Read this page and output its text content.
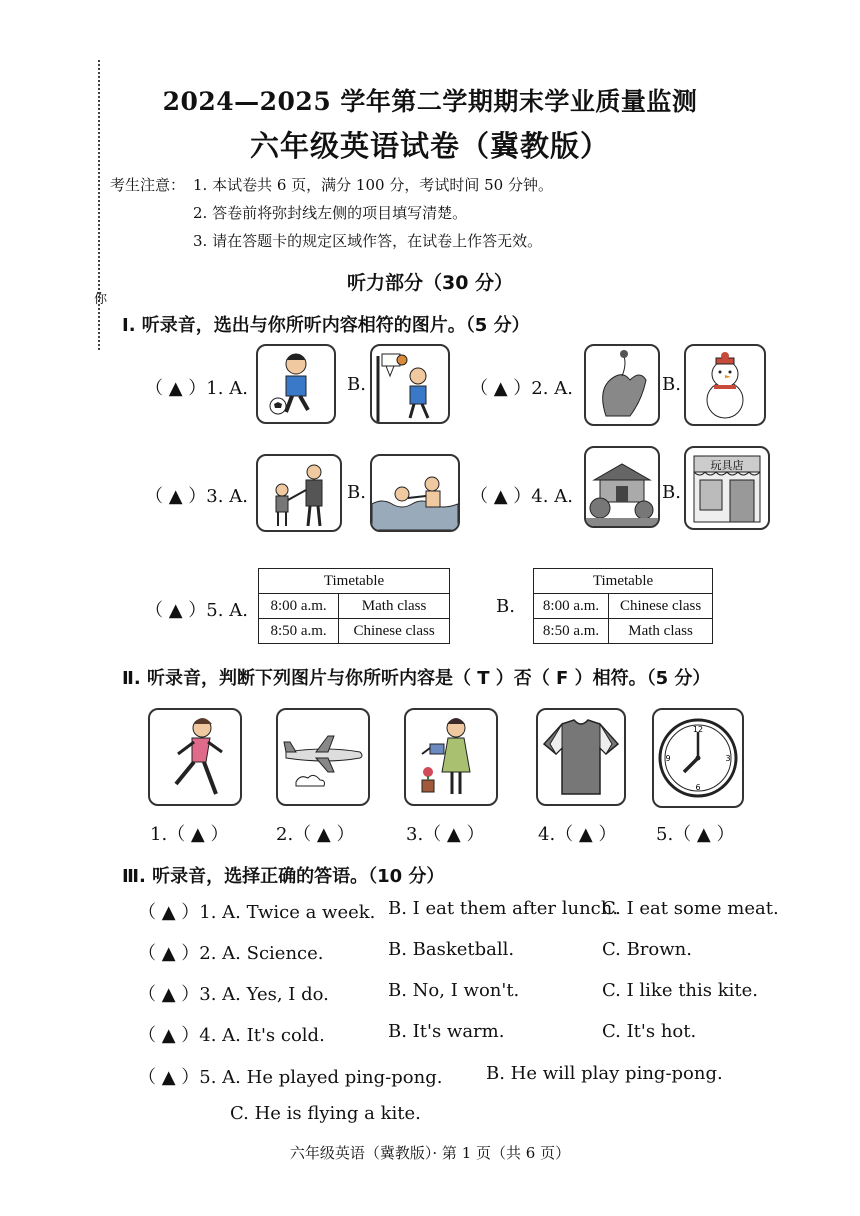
你
2024—2025 学年第二学期期末学业质量监测
六年级英语试卷（冀教版）
考生注意： 1. 本试卷共 6 页，满分 100 分，考试时间 50 分钟。
2. 答卷前将弥封线左侧的项目填写清楚。
3. 请在答题卡的规定区域作答，在试卷上作答无效。
听力部分（30 分）
Ⅰ. 听录音，选出与你所听内容相符的图片。（5 分）
（ ▲ ）1. A.	B.	（ ▲ ）2. A.	B.
（ ▲ ）3. A.	B.	（ ▲ ）4. A.	B.
玩具店
（ ▲ ）5. A.
Timetable	
8:00 a.m.	Math class
8:50 a.m.	Chinese class
B.
Timetable	
8:00 a.m.	Chinese class
8:50 a.m.	Math class
Ⅱ. 听录音，判断下列图片与你所听内容是（ T ）否（ F ）相符。（5 分）
12
3
6
9
1.（ ▲ ）	2.（ ▲ ）	3.（ ▲ ）	4.（ ▲ ） 5.（ ▲ ）
Ⅲ. 听录音，选择正确的答语。（10 分）
（ ▲ ）1. A. Twice a week. B. I eat them after lunch.
C. I eat some meat.
（ ▲ ）2. A. Science.	B. Basketball.	C. Brown.
（ ▲ ）3. A. Yes, I do.	B. No, I won't.	C. I like this kite.
（ ▲ ）4. A. It's cold.	B. It's warm.	C. It's hot.
（ ▲ ）5. A. He played ping-pong. B. He will play ping-pong.
C. He is flying a kite.
六年级英语（冀教版）· 第 1 页（共 6 页）
